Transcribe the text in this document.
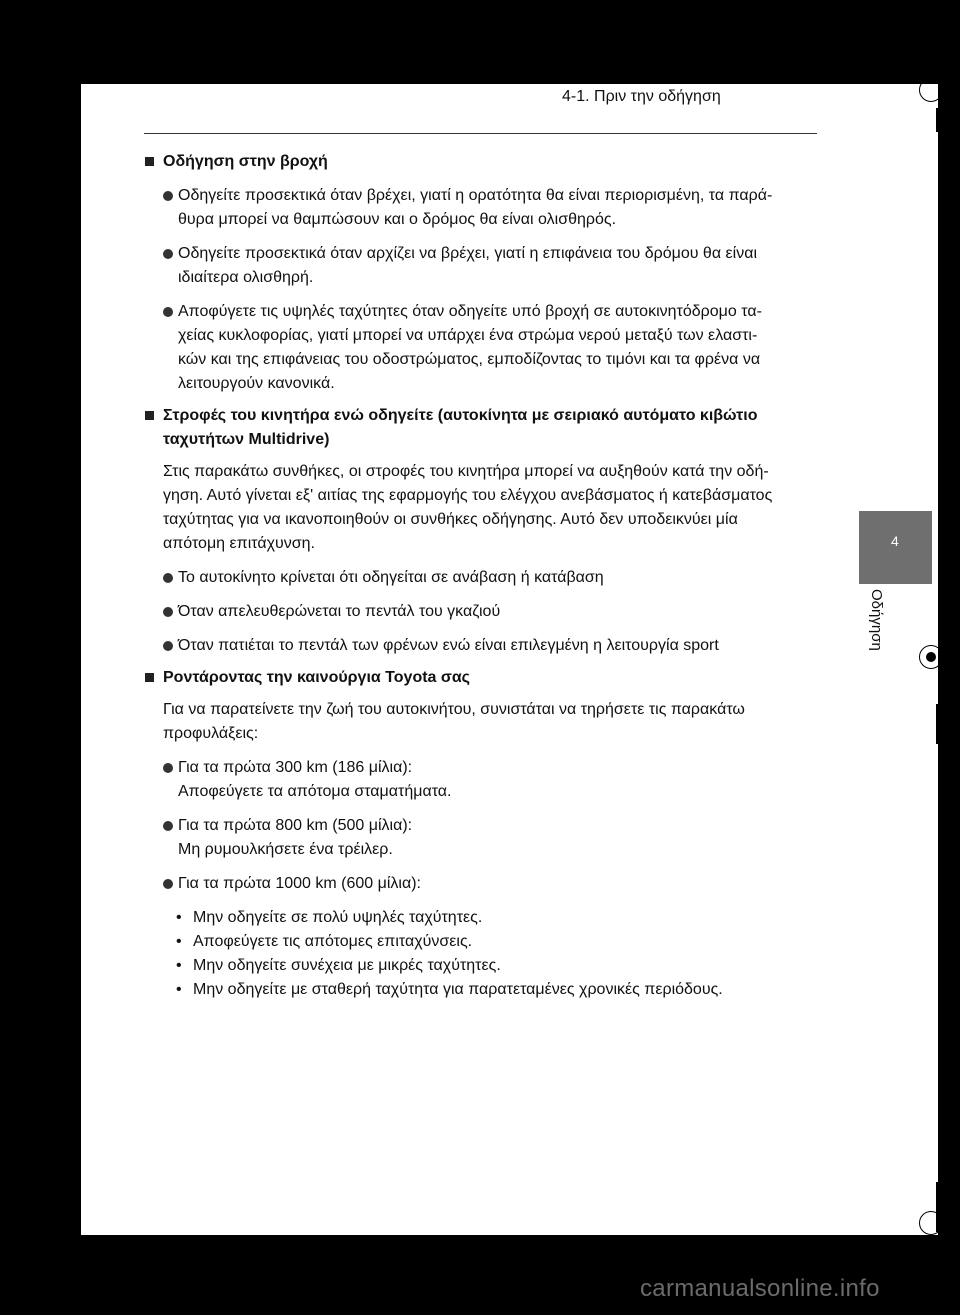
4-1. Πριν την οδήγηση
Οδήγηση στην βροχή
Οδηγείτε προσεκτικά όταν βρέχει, γιατί η ορατότητα θα είναι περιορισμένη, τα παρά-
θυρα μπορεί να θαμπώσουν και ο δρόμος θα είναι ολισθηρός.
Οδηγείτε προσεκτικά όταν αρχίζει να βρέχει, γιατί η επιφάνεια του δρόμου θα είναι
ιδιαίτερα ολισθηρή.
Αποφύγετε τις υψηλές ταχύτητες όταν οδηγείτε υπό βροχή σε αυτοκινητόδρομο τα-
χείας κυκλοφορίας, γιατί μπορεί να υπάρχει ένα στρώμα νερού μεταξύ των ελαστι-
κών και της επιφάνειας του οδοστρώματος, εμποδίζοντας το τιμόνι και τα φρένα να
λειτουργούν κανονικά.
Στροφές του κινητήρα ενώ οδηγείτε (αυτοκίνητα με σειριακό αυτόματο κιβώτιο
ταχυτήτων Multidrive)
Στις παρακάτω συνθήκες, οι στροφές του κινητήρα μπορεί να αυξηθούν κατά την οδή-
γηση. Αυτό γίνεται εξ' αιτίας της εφαρμογής του ελέγχου ανεβάσματος ή κατεβάσματος
ταχύτητας για να ικανοποιηθούν οι συνθήκες οδήγησης. Αυτό δεν υποδεικνύει μία
απότομη επιτάχυνση.
Το αυτοκίνητο κρίνεται ότι οδηγείται σε ανάβαση ή κατάβαση
Όταν απελευθερώνεται το πεντάλ του γκαζιού
Όταν πατιέται το πεντάλ των φρένων ενώ είναι επιλεγμένη η λειτουργία sport
Ροντάροντας την καινούργια Toyota σας
Για να παρατείνετε την ζωή του αυτοκινήτου, συνιστάται να τηρήσετε τις παρακάτω
προφυλάξεις:
Για τα πρώτα 300 km (186 μίλια):
Αποφεύγετε τα απότομα σταματήματα.
Για τα πρώτα 800 km (500 μίλια):
Μη ρυμουλκήσετε ένα τρέιλερ.
Για τα πρώτα 1000 km (600 μίλια):
• Μην οδηγείτε σε πολύ υψηλές ταχύτητες.
• Αποφεύγετε τις απότομες επιταχύνσεις.
• Μην οδηγείτε συνέχεια με μικρές ταχύτητες.
• Μην οδηγείτε με σταθερή ταχύτητα για παρατεταμένες χρονικές περιόδους.
4
Οδήγηση
carmanualsonline.info
